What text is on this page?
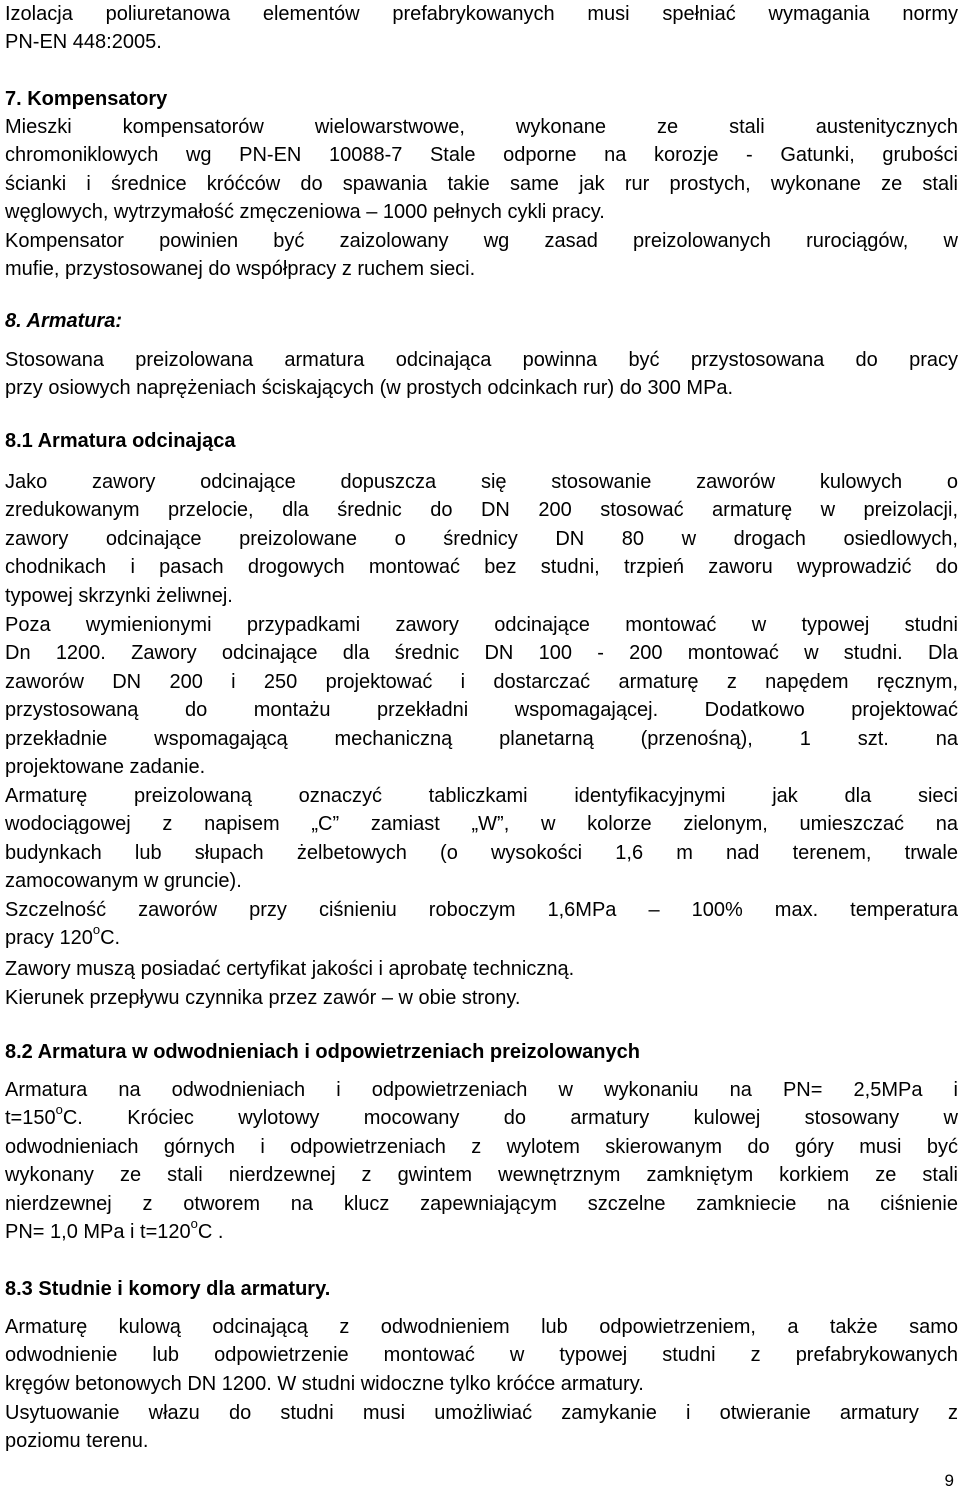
Izolacja poliuretanowa elementów prefabrykowanych musi spełniać wymagania normy
PN-EN 448:2005.
7. Kompensatory
Mieszki kompensatorów wielowarstwowe, wykonane ze stali austenitycznych
chromoniklowych wg PN-EN 10088-7 Stale odporne na korozje - Gatunki, grubości
ścianki i średnice króćców do spawania takie same jak rur prostych, wykonane ze stali
węglowych, wytrzymałość zmęczeniowa – 1000 pełnych cykli pracy.
Kompensator powinien być zaizolowany wg zasad preizolowanych rurociągów, w
mufie, przystosowanej do współpracy z ruchem sieci.
8. Armatura:
Stosowana preizolowana armatura odcinająca powinna być przystosowana do pracy
przy osiowych naprężeniach ściskających (w prostych odcinkach rur) do 300 MPa.
8.1 Armatura odcinająca
Jako zawory odcinające dopuszcza się stosowanie zaworów kulowych o
zredukowanym przelocie, dla średnic do DN 200 stosować armaturę w preizolacji,
zawory odcinające preizolowane o średnicy DN 80 w drogach osiedlowych,
chodnikach i pasach drogowych montować bez studni, trzpień zaworu wyprowadzić do
typowej skrzynki żeliwnej.
Poza wymienionymi przypadkami zawory odcinające montować w typowej studni
Dn 1200. Zawory odcinające dla średnic DN 100 - 200 montować w studni. Dla
zaworów DN 200 i 250 projektować i dostarczać armaturę z napędem ręcznym,
przystosowaną do montażu przekładni wspomagającej. Dodatkowo projektować
przekładnie wspomagającą mechaniczną planetarną (przenośną), 1 szt. na
projektowane zadanie.
Armaturę preizolowaną oznaczyć tabliczkami identyfikacyjnymi jak dla sieci
wodociągowej z napisem „C” zamiast „W”, w kolorze zielonym, umieszczać na
budynkach lub słupach żelbetowych (o wysokości 1,6 m nad terenem, trwale
zamocowanym w gruncie).
Szczelność zaworów przy ciśnieniu roboczym 1,6MPa – 100% max. temperatura
pracy 120$^o$C.
Zawory muszą posiadać certyfikat jakości i aprobatę techniczną.
Kierunek przepływu czynnika przez zawór – w obie strony.
8.2 Armatura w odwodnieniach i odpowietrzeniach preizolowanych
Armatura na odwodnieniach i odpowietrzeniach w wykonaniu na PN= 2,5MPa i
$t=150^oC$. Króciec wylotowy mocowany do armatury kulowej stosowany w
odwodnieniach górnych i odpowietrzeniach z wylotem skierowanym do góry musi być
wykonany ze stali nierdzewnej z gwintem wewnętrznym zamkniętym korkiem ze stali
nierdzewnej z otworem na klucz zapewniającym szczelne zamkniecie na ciśnienie
PN= 1,0 MPa i $t=120^oC$ .
8.3 Studnie i komory dla armatury.
Armaturę kulową odcinającą z odwodnieniem lub odpowietrzeniem, a także samo
odwodnienie lub odpowietrzenie montować w typowej studni z prefabrykowanych
kręgów betonowych DN 1200. W studni widoczne tylko króćce armatury.
Usytuowanie włazu do studni musi umożliwiać zamykanie i otwieranie armatury z
poziomu terenu.
9
